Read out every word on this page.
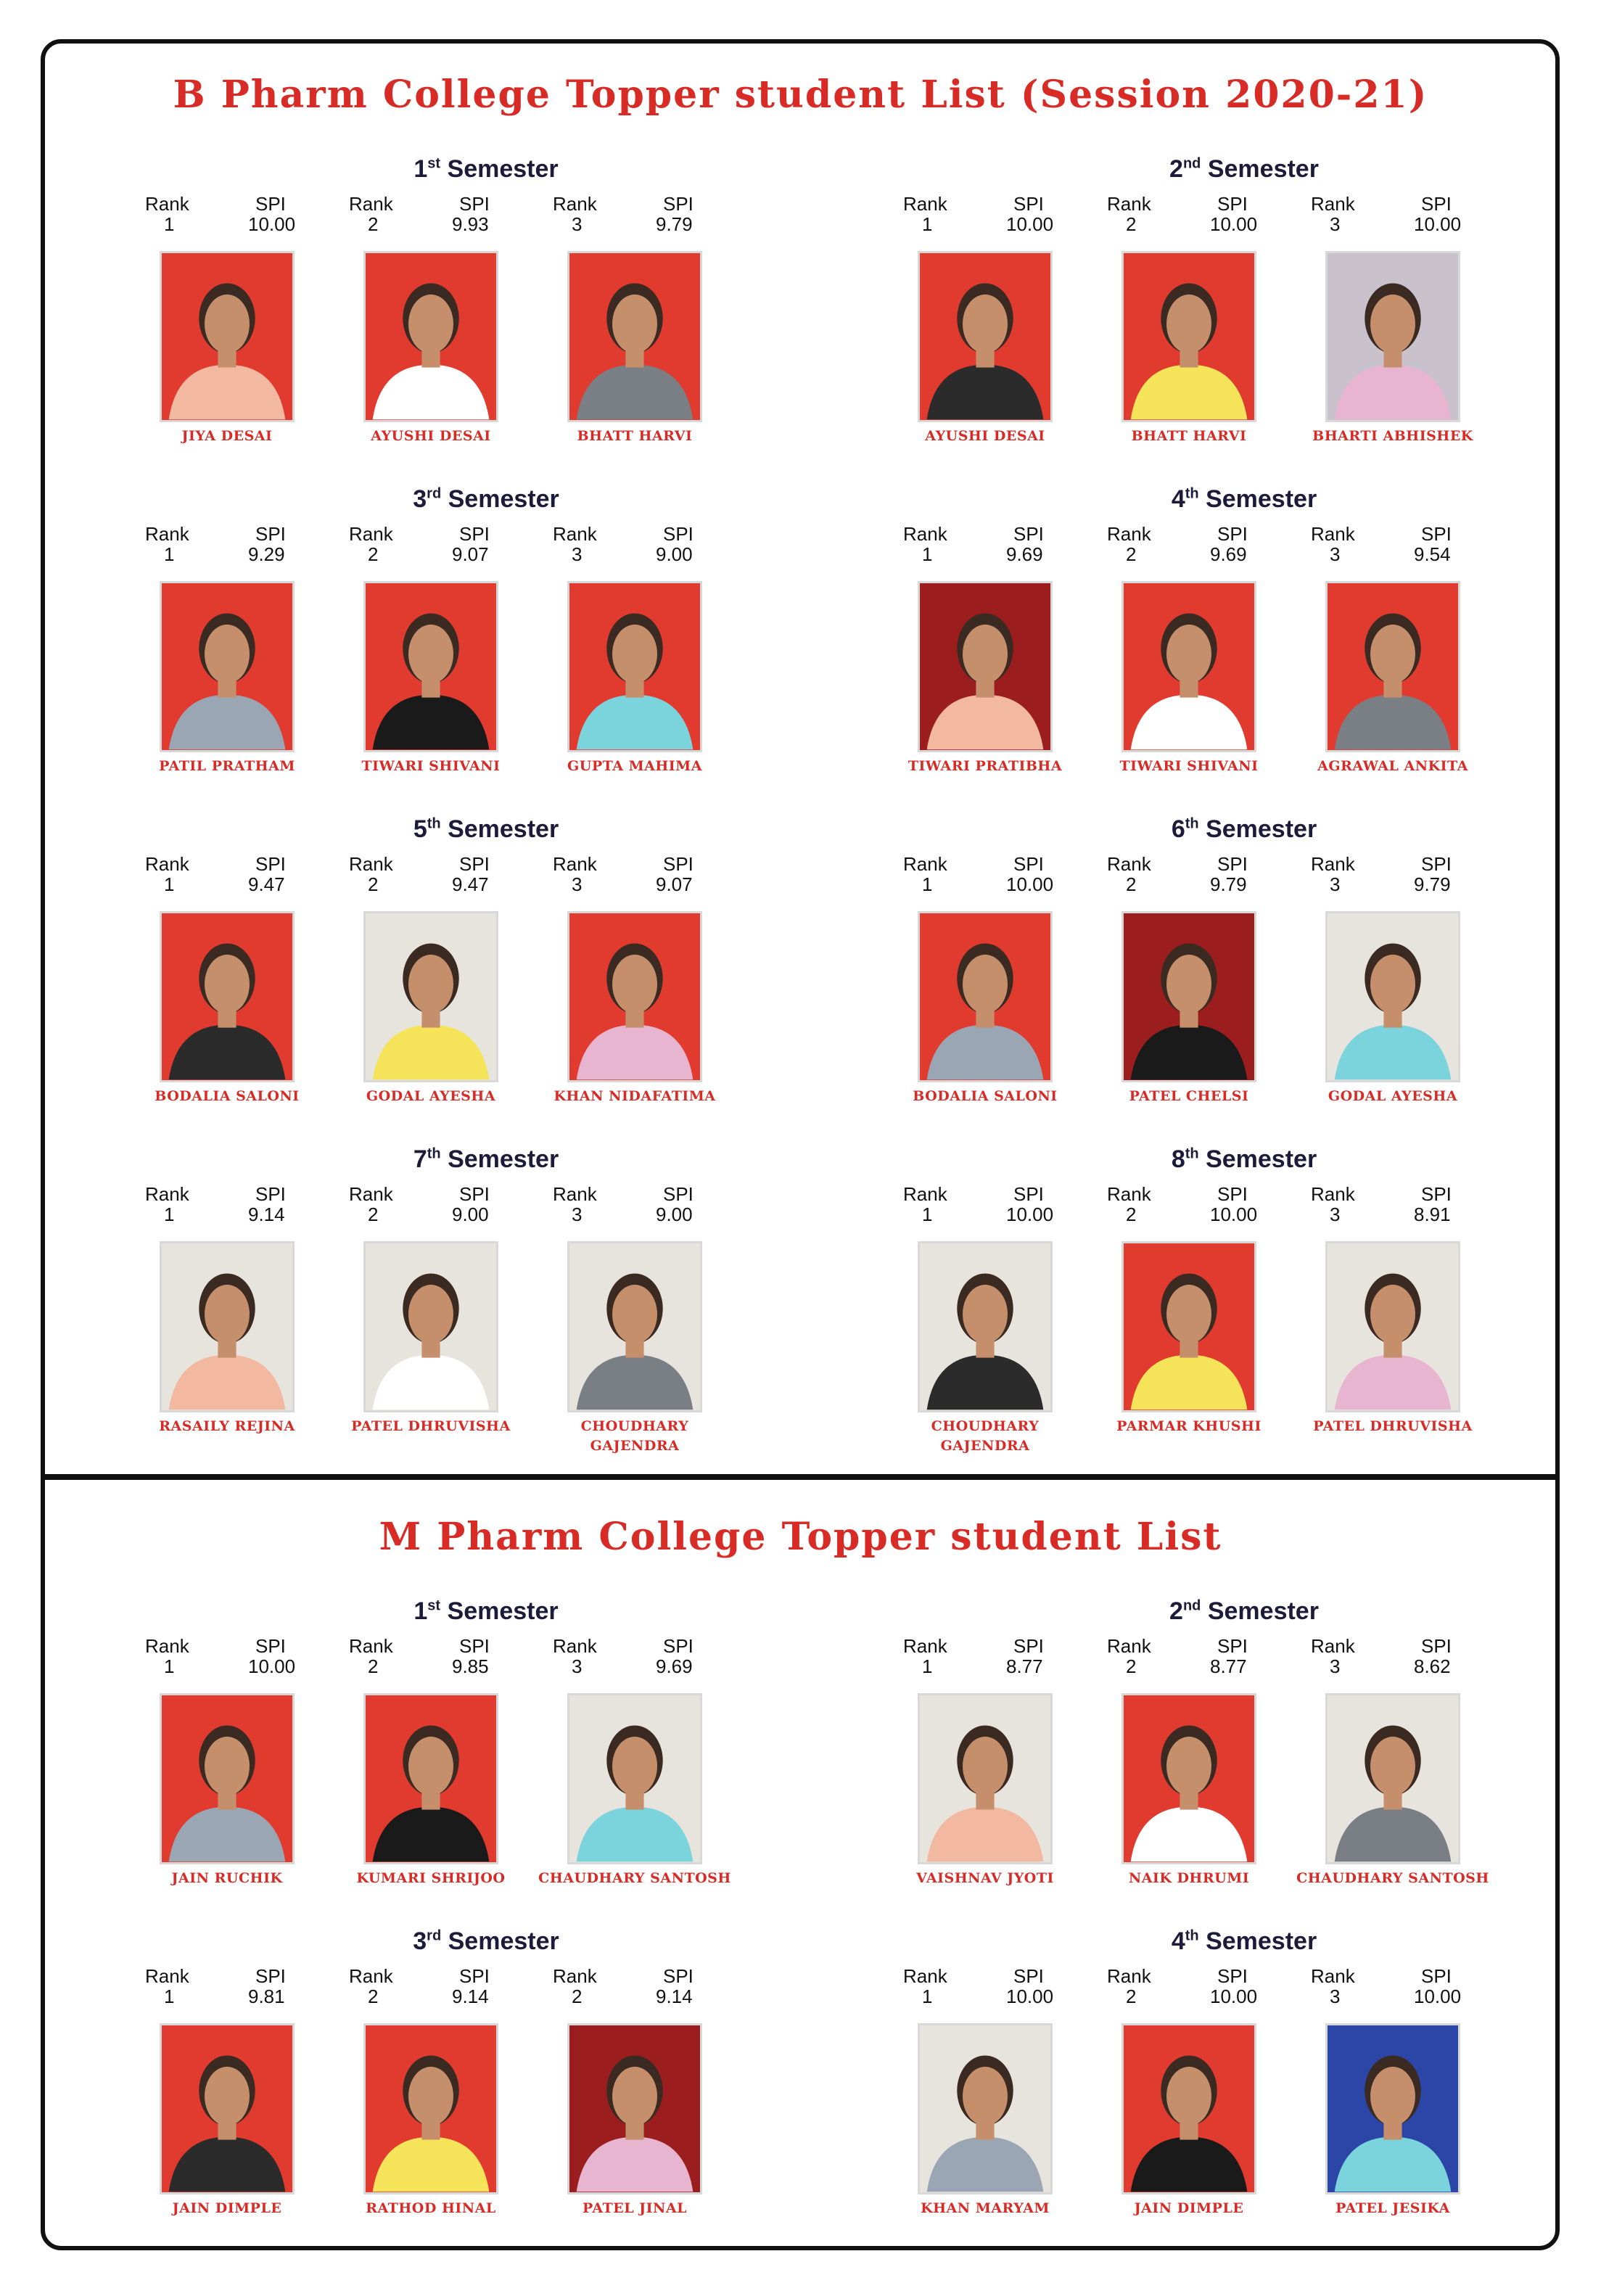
B Pharm College Topper student List (Session 2020-21)
M Pharm College Topper student List
1st Semester
Rank
1
SPI
10.00
JIYA DESAI
Rank
2
SPI
9.93
AYUSHI DESAI
Rank
3
SPI
9.79
BHATT HARVI
2nd Semester
Rank
1
SPI
10.00
AYUSHI DESAI
Rank
2
SPI
10.00
BHATT HARVI
Rank
3
SPI
10.00
BHARTI ABHISHEK
3rd Semester
Rank
1
SPI
9.29
PATIL PRATHAM
Rank
2
SPI
9.07
TIWARI SHIVANI
Rank
3
SPI
9.00
GUPTA MAHIMA
4th Semester
Rank
1
SPI
9.69
TIWARI PRATIBHA
Rank
2
SPI
9.69
TIWARI SHIVANI
Rank
3
SPI
9.54
AGRAWAL ANKITA
5th Semester
Rank
1
SPI
9.47
BODALIA SALONI
Rank
2
SPI
9.47
GODAL AYESHA
Rank
3
SPI
9.07
KHAN NIDAFATIMA
6th Semester
Rank
1
SPI
10.00
BODALIA SALONI
Rank
2
SPI
9.79
PATEL CHELSI
Rank
3
SPI
9.79
GODAL AYESHA
7th Semester
Rank
1
SPI
9.14
RASAILY REJINA
Rank
2
SPI
9.00
PATEL DHRUVISHA
Rank
3
SPI
9.00
CHOUDHARY GAJENDRA
8th Semester
Rank
1
SPI
10.00
CHOUDHARY GAJENDRA
Rank
2
SPI
10.00
PARMAR KHUSHI
Rank
3
SPI
8.91
PATEL DHRUVISHA
1st Semester
Rank
1
SPI
10.00
JAIN RUCHIK
Rank
2
SPI
9.85
KUMARI SHRIJOO
Rank
3
SPI
9.69
CHAUDHARY SANTOSH
2nd Semester
Rank
1
SPI
8.77
VAISHNAV JYOTI
Rank
2
SPI
8.77
NAIK DHRUMI
Rank
3
SPI
8.62
CHAUDHARY SANTOSH
3rd Semester
Rank
1
SPI
9.81
JAIN DIMPLE
Rank
2
SPI
9.14
RATHOD HINAL
Rank
2
SPI
9.14
PATEL JINAL
4th Semester
Rank
1
SPI
10.00
KHAN MARYAM
Rank
2
SPI
10.00
JAIN DIMPLE
Rank
3
SPI
10.00
PATEL JESIKA
